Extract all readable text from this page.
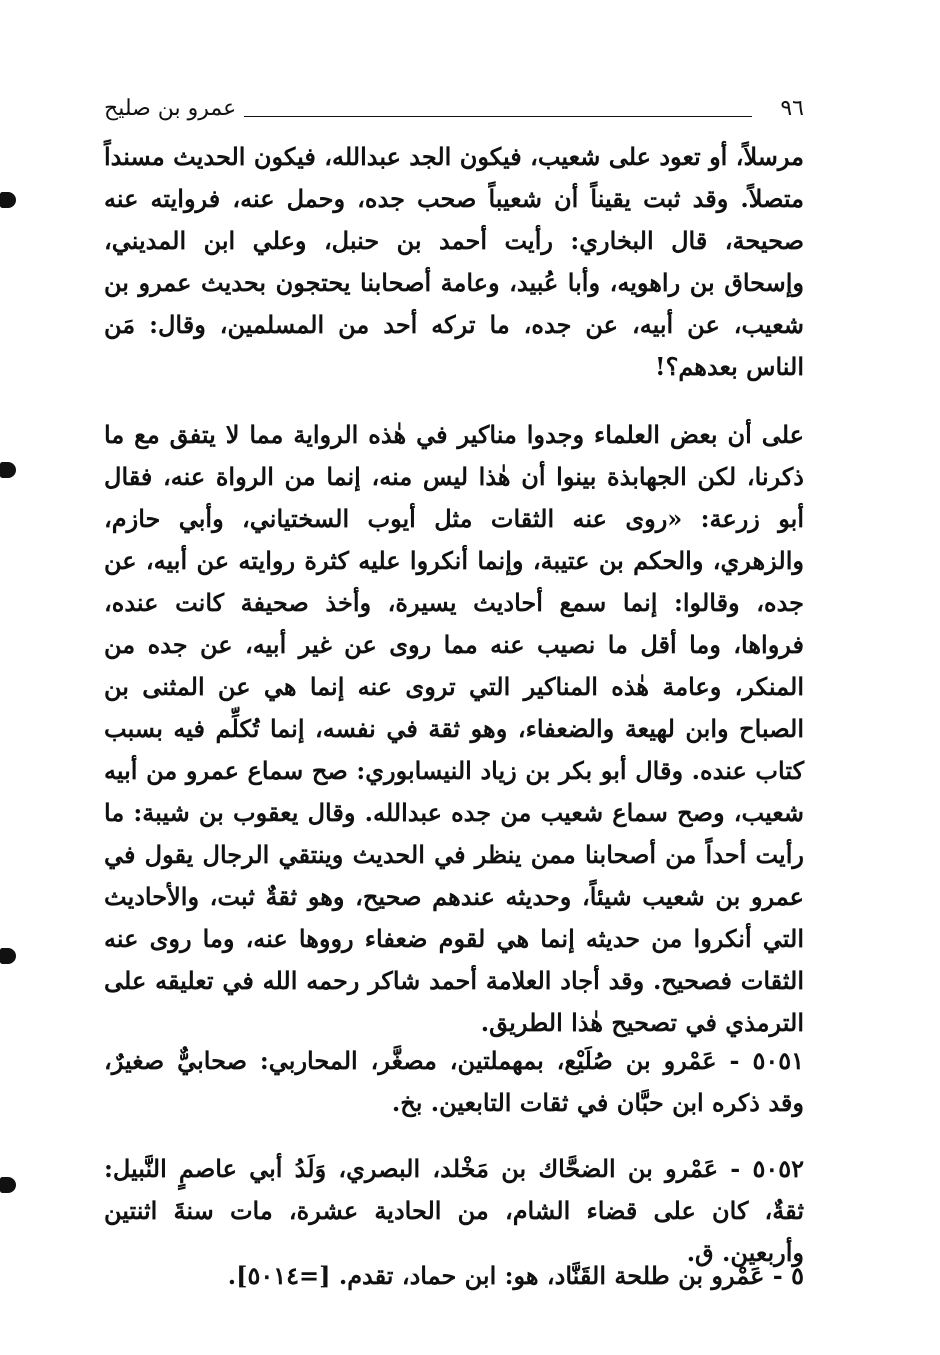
٩٦
عمرو بن صليح

مرسلاً، أو تعود على شعيب، فيكون الجد عبدالله، فيكون الحديث مسنداً متصلاً. وقد ثبت يقيناً أن شعيباً صحب جده، وحمل عنه، فروايته عنه صحيحة، قال البخاري: رأيت أحمد بن حنبل، وعلي ابن المديني، وإسحاق بن راهويه، وأبا عُبيد، وعامة أصحابنا يحتجون بحديث عمرو بن شعيب، عن أبيه، عن جده، ما تركه أحد من المسلمين، وقال: مَن الناس بعدهم؟!

على أن بعض العلماء وجدوا مناكير في هٰذه الرواية مما لا يتفق مع ما ذكرنا، لكن الجهابذة بينوا أن هٰذا ليس منه، إنما من الرواة عنه، فقال أبو زرعة: «روى عنه الثقات مثل أيوب السختياني، وأبي حازم، والزهري، والحكم بن عتيبة، وإنما أنكروا عليه كثرة روايته عن أبيه، عن جده، وقالوا: إنما سمع أحاديث يسيرة، وأخذ صحيفة كانت عنده، فرواها، وما أقل ما نصيب عنه مما روى عن غير أبيه، عن جده من المنكر، وعامة هٰذه المناكير التي تروى عنه إنما هي عن المثنى بن الصباح وابن لهيعة والضعفاء، وهو ثقة في نفسه، إنما تُكلِّم فيه بسبب كتاب عنده. وقال أبو بكر بن زياد النيسابوري: صح سماع عمرو من أبيه شعيب، وصح سماع شعيب من جده عبدالله. وقال يعقوب بن شيبة: ما رأيت أحداً من أصحابنا ممن ينظر في الحديث وينتقي الرجال يقول في عمرو بن شعيب شيئاً، وحديثه عندهم صحيح، وهو ثقةٌ ثبت، والأحاديث التي أنكروا من حديثه إنما هي لقوم ضعفاء رووها عنه، وما روى عنه الثقات فصحيح. وقد أجاد العلامة أحمد شاكر رحمه الله في تعليقه على الترمذي في تصحيح هٰذا الطريق.

٥٠٥١ - عَمْرو بن صُلَيْع، بمهملتين، مصغَّر، المحاربي: صحابيٌّ صغيرٌ، وقد ذكره ابن حبَّان في ثقات التابعين. بخ.

٥٠٥٢ - عَمْرو بن الضحَّاك بن مَخْلد، البصري، وَلَدُ أبي عاصمٍ النَّبيل: ثقةٌ، كان على قضاء الشام، من الحادية عشرة، مات سنةَ اثنتين وأربعين. ق.

٥ - عَمْرو بن طلحة القَنَّاد، هو: ابن حماد، تقدم. [=٥٠١٤].
